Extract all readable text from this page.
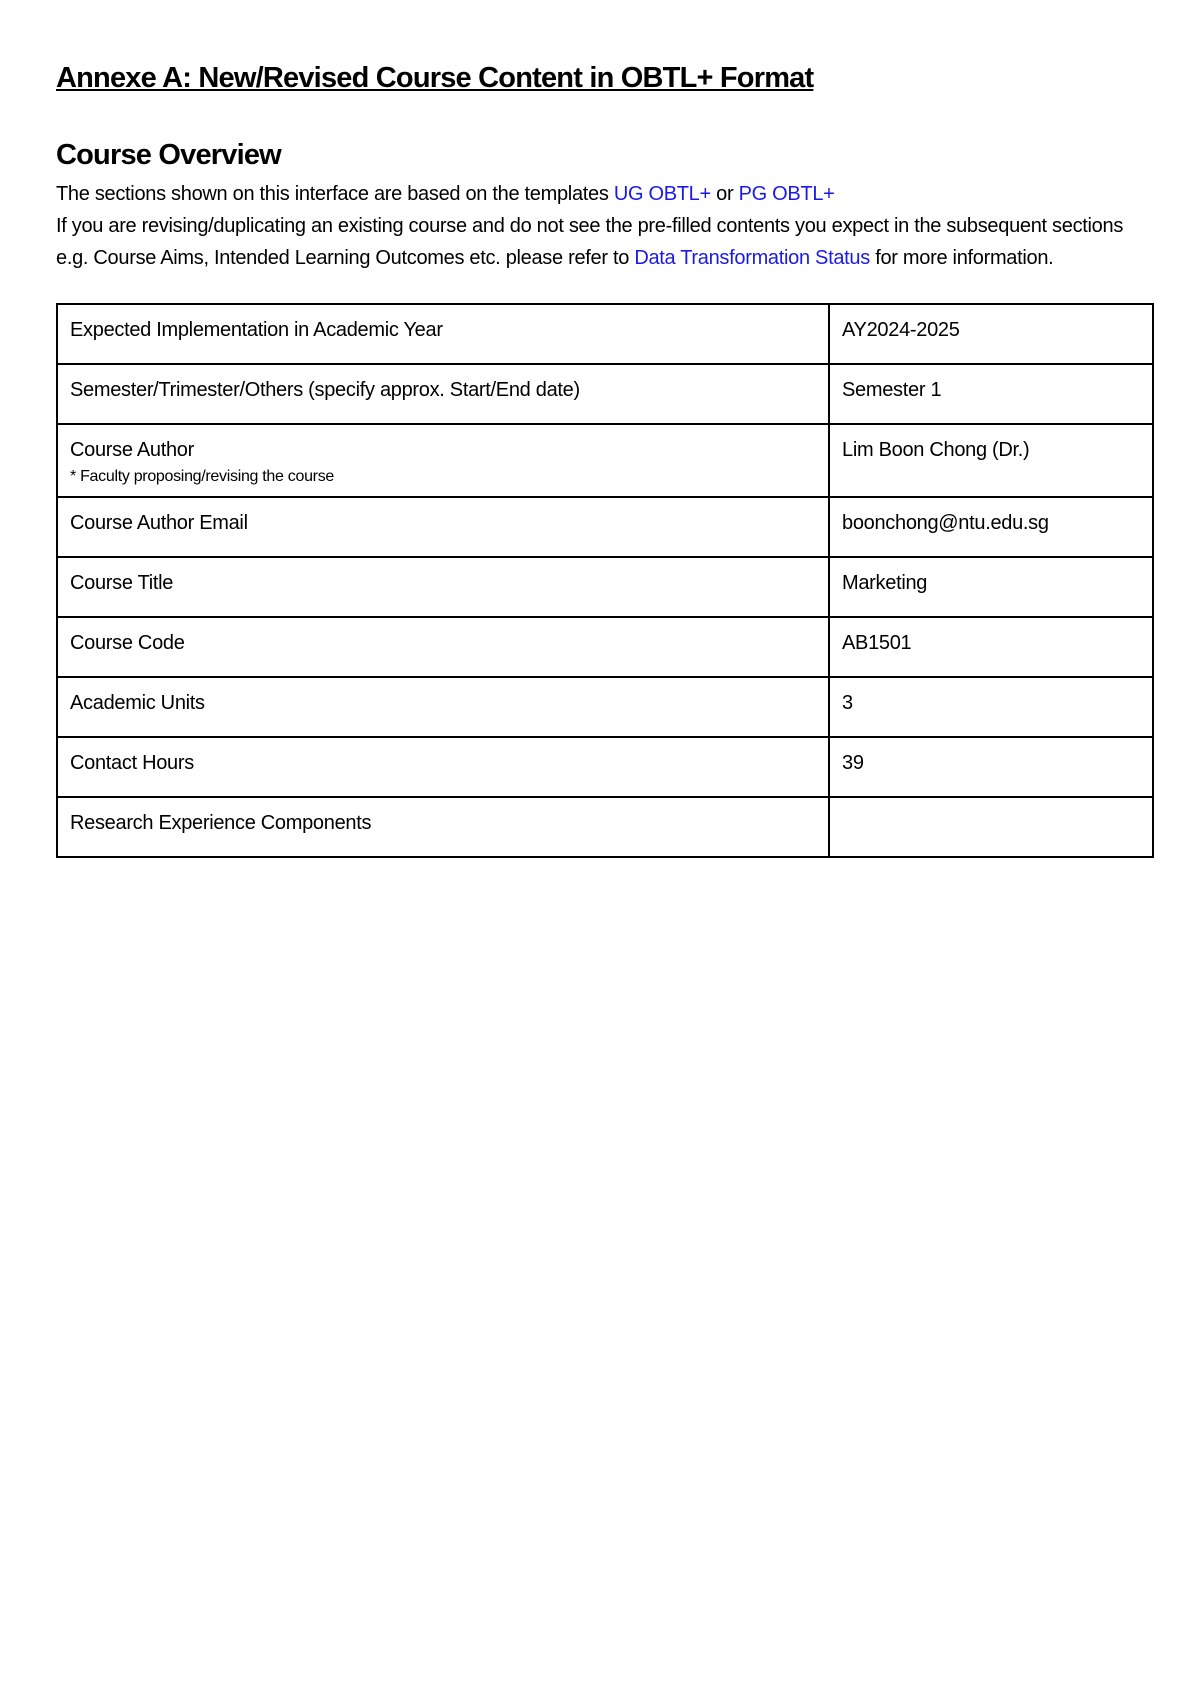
Annexe A: New/Revised Course Content in OBTL+ Format
Course Overview

The sections shown on this interface are based on the templates UG OBTL+ or PG OBTL+

If you are revising/duplicating an existing course and do not see the pre-filled contents you expect in the subsequent sections e.g. Course Aims, Intended Learning Outcomes etc. please refer to Data Transformation Status for more information.

Expected Implementation in Academic Year	AY2024-2025
Semester/Trimester/Others (specify approx. Start/End date)	Semester 1
Course Author
* Faculty proposing/revising the course	Lim Boon Chong (Dr.)
Course Author Email	boonchong@ntu.edu.sg
Course Title	Marketing
Course Code	AB1501
Academic Units	3
Contact Hours	39
Research Experience Components	
